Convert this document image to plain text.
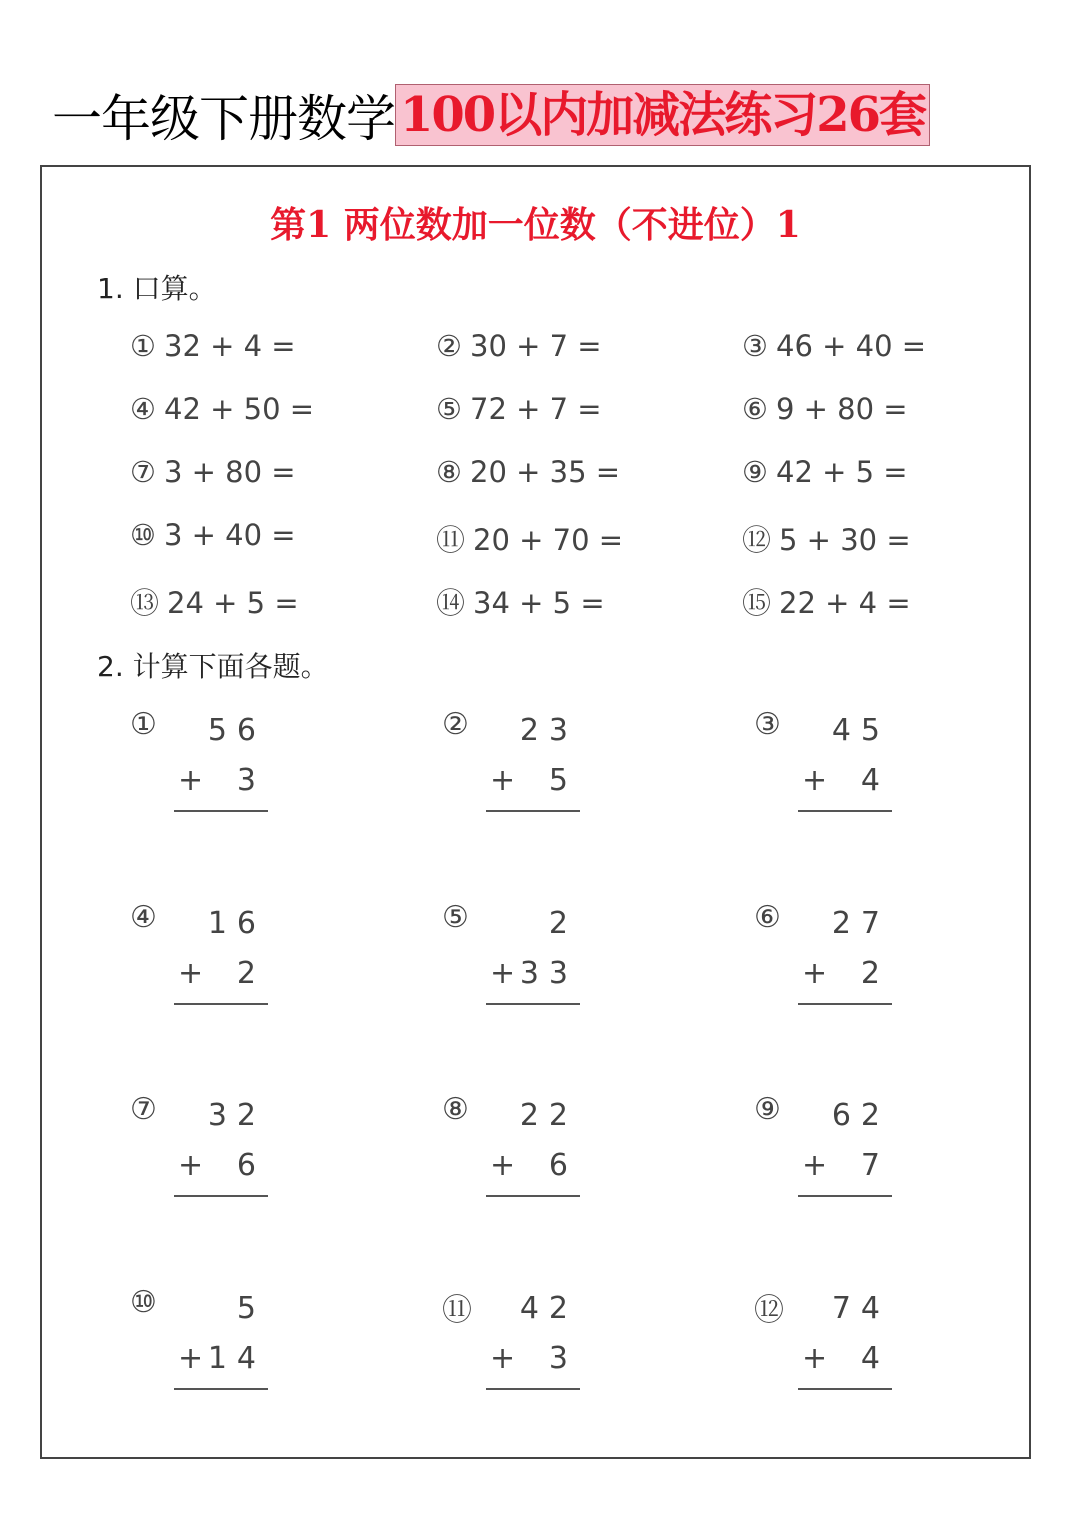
一年级下册数学 100以内加减法练习26套
第1 两位数加一位数（不进位）1
1. 口算。
① 32 + 4 =	② 30 + 7 =	③ 46 + 40 =
④ 42 + 50 =	⑤ 72 + 7 =	⑥ 9 + 80 =
⑦ 3 + 80 =	⑧ 20 + 35 =	⑨ 42 + 5 =
⑩ 3 + 40 =	⑪ 20 + 70 =	⑫ 5 + 30 =
⑬ 24 + 5 =	⑭ 34 + 5 =	⑮ 22 + 4 =
2. 计算下面各题。
①	56
+	3
②	23
+	5
③	45
+	4
④	16
+	2
⑤	2
+ 33
⑥	27
+	2
⑦	32
+	6
⑧	22
+	6
⑨	62
+	7
⑩	5
+ 14
⑪	42
+	3
⑫	74
+	4
